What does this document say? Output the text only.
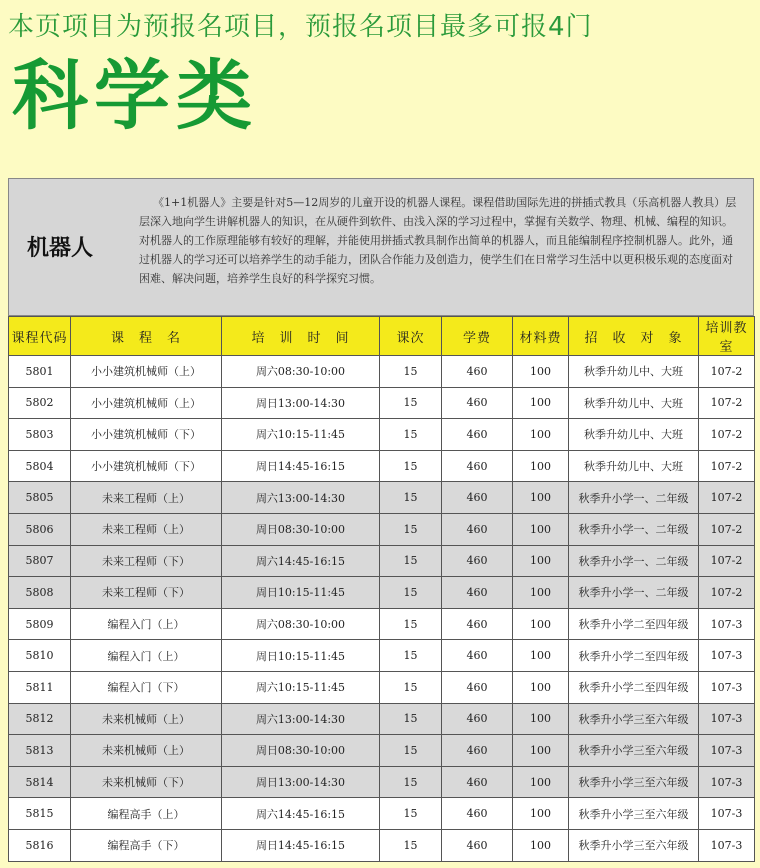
本页项目为预报名项目，预报名项目最多可报4门
科学类
机器人
《1+1机器人》主要是针对5—12周岁的儿童开设的机器人课程。课程借助国际先进的拼插式教具（乐高机器人教具）层层深入地向学生讲解机器人的知识，在从硬件到软件、由浅入深的学习过程中，掌握有关数学、物理、机械、编程的知识。对机器人的工作原理能够有较好的理解，并能使用拼插式教具制作出简单的机器人，而且能编制程序控制机器人。此外，通过机器人的学习还可以培养学生的动手能力，团队合作能力及创造力，使学生们在日常学习生活中以更积极乐观的态度面对困难、解决问题，培养学生良好的科学探究习惯。
课程代码	课　程　名	培　训　时　间	课次	学费	材料费	招　收　对　象	培训教室
5801	小小建筑机械师（上）	周六08:30-10:00	15	460	100	秋季升幼儿中、大班	107-2
5802	小小建筑机械师（上）	周日13:00-14:30	15	460	100	秋季升幼儿中、大班	107-2
5803	小小建筑机械师（下）	周六10:15-11:45	15	460	100	秋季升幼儿中、大班	107-2
5804	小小建筑机械师（下）	周日14:45-16:15	15	460	100	秋季升幼儿中、大班	107-2
5805	未来工程师（上）	周六13:00-14:30	15	460	100	秋季升小学一、二年级	107-2
5806	未来工程师（上）	周日08:30-10:00	15	460	100	秋季升小学一、二年级	107-2
5807	未来工程师（下）	周六14:45-16:15	15	460	100	秋季升小学一、二年级	107-2
5808	未来工程师（下）	周日10:15-11:45	15	460	100	秋季升小学一、二年级	107-2
5809	编程入门（上）	周六08:30-10:00	15	460	100	秋季升小学二至四年级	107-3
5810	编程入门（上）	周日10:15-11:45	15	460	100	秋季升小学二至四年级	107-3
5811	编程入门（下）	周六10:15-11:45	15	460	100	秋季升小学二至四年级	107-3
5812	未来机械师（上）	周六13:00-14:30	15	460	100	秋季升小学三至六年级	107-3
5813	未来机械师（上）	周日08:30-10:00	15	460	100	秋季升小学三至六年级	107-3
5814	未来机械师（下）	周日13:00-14:30	15	460	100	秋季升小学三至六年级	107-3
5815	编程高手（上）	周六14:45-16:15	15	460	100	秋季升小学三至六年级	107-3
5816	编程高手（下）	周日14:45-16:15	15	460	100	秋季升小学三至六年级	107-3
